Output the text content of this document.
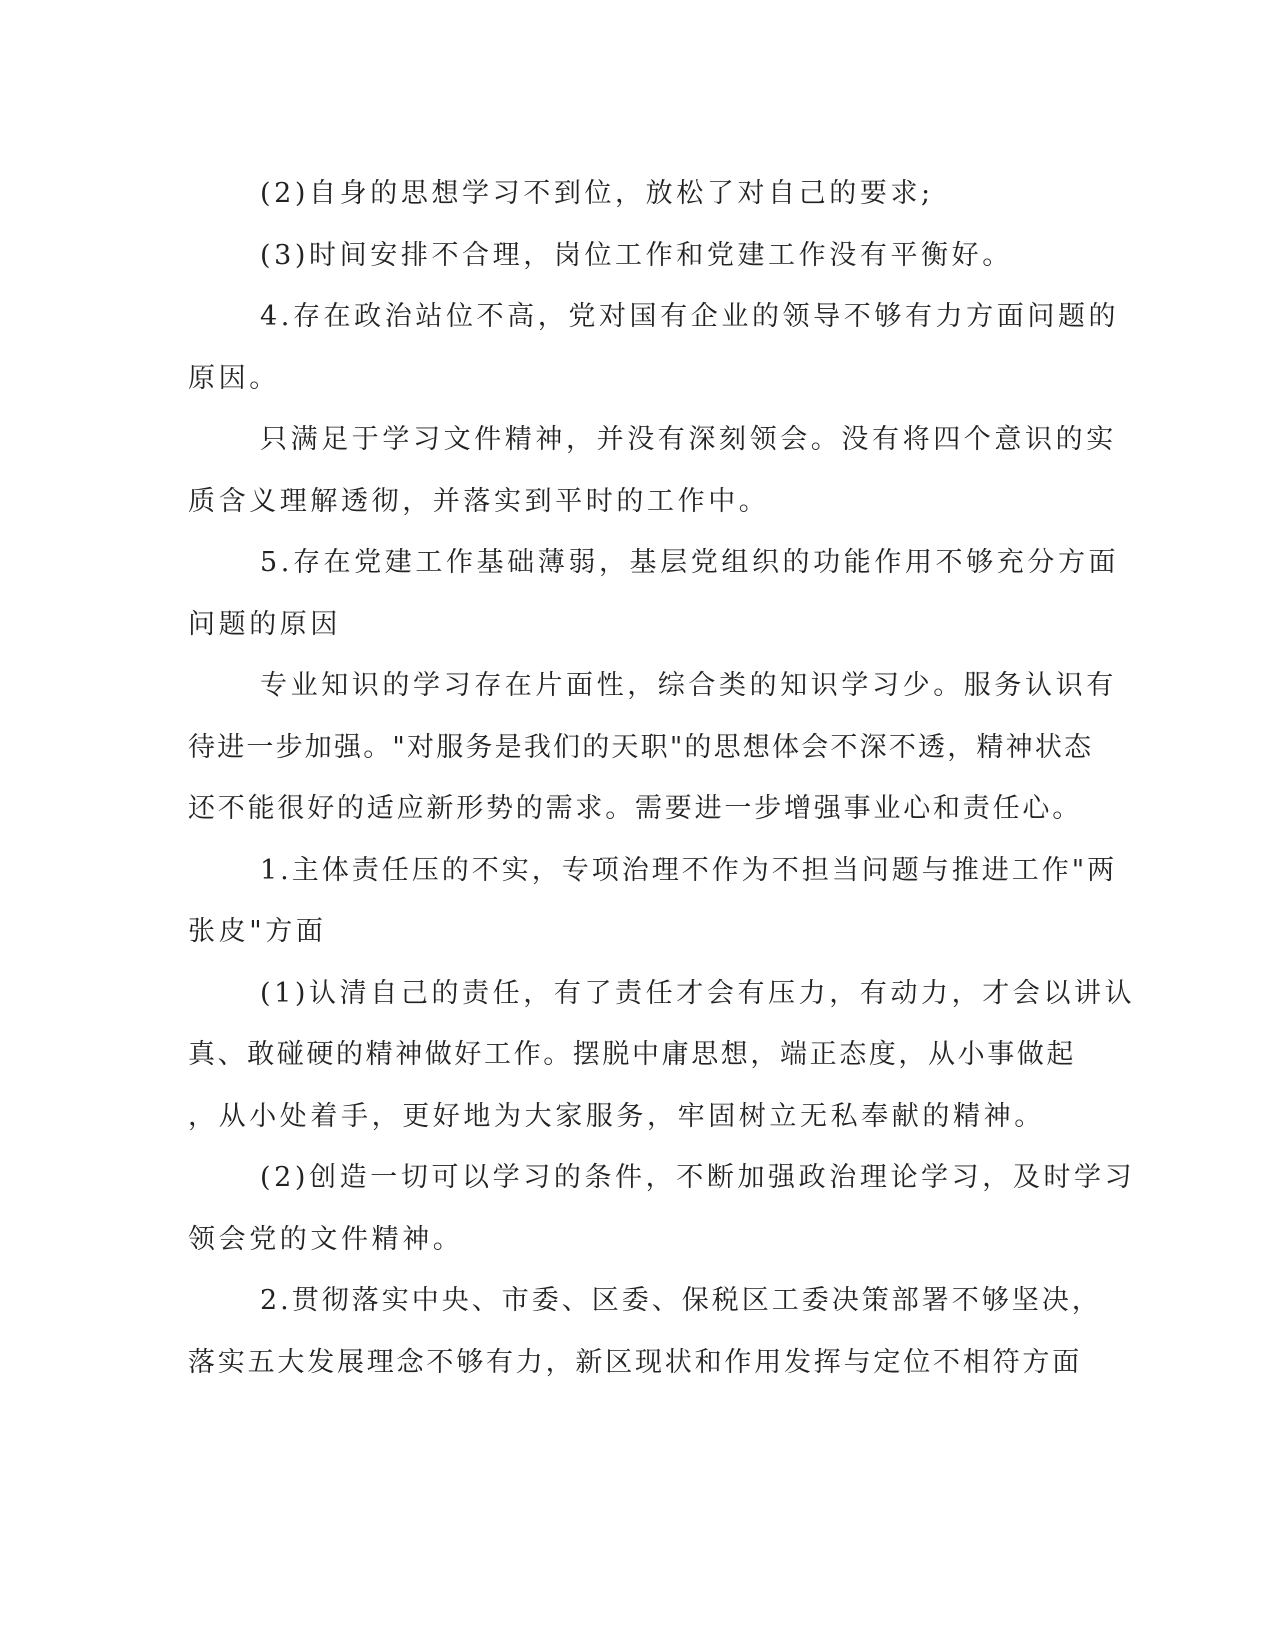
(2)自身的思想学习不到位，放松了对自己的要求;
(3)时间安排不合理，岗位工作和党建工作没有平衡好。
4.存在政治站位不高，党对国有企业的领导不够有力方面问题的
原因。
只满足于学习文件精神，并没有深刻领会。没有将四个意识的实
质含义理解透彻，并落实到平时的工作中。
5.存在党建工作基础薄弱，基层党组织的功能作用不够充分方面
问题的原因
专业知识的学习存在片面性，综合类的知识学习少。服务认识有
待进一步加强。"对服务是我们的天职"的思想体会不深不透，精神状态
还不能很好的适应新形势的需求。需要进一步增强事业心和责任心。
1.主体责任压的不实，专项治理不作为不担当问题与推进工作"两
张皮"方面
(1)认清自己的责任，有了责任才会有压力，有动力，才会以讲认
真、敢碰硬的精神做好工作。摆脱中庸思想，端正态度，从小事做起
，从小处着手，更好地为大家服务，牢固树立无私奉献的精神。
(2)创造一切可以学习的条件，不断加强政治理论学习，及时学习
领会党的文件精神。
2.贯彻落实中央、市委、区委、保税区工委决策部署不够坚决，
落实五大发展理念不够有力，新区现状和作用发挥与定位不相符方面
